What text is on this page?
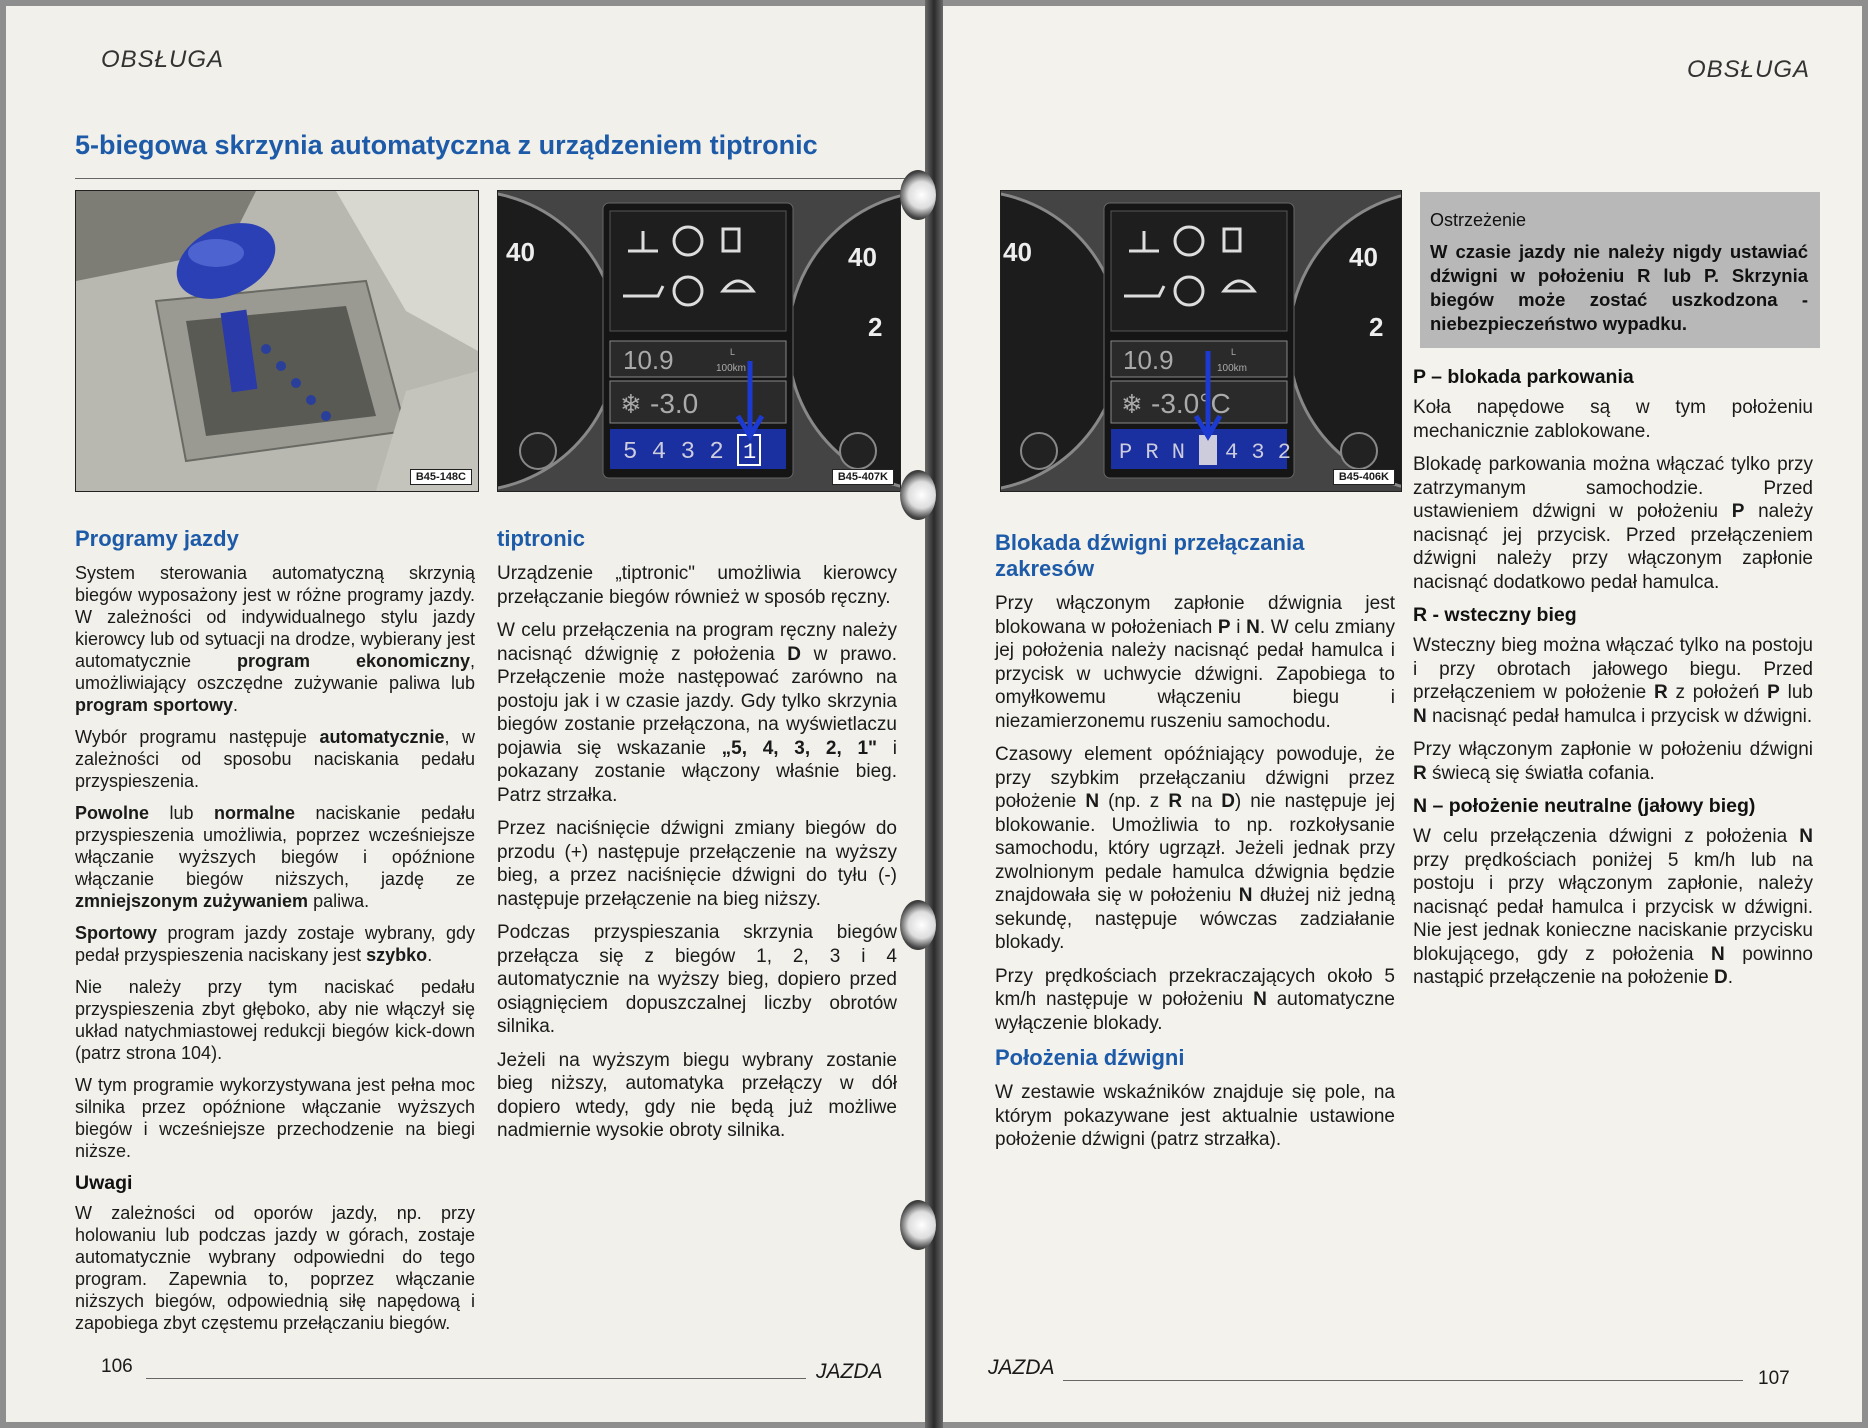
OBSŁUGA
5-biegowa skrzynia automatyczna z urządzeniem tiptronic
B45-148C
40	40
2
10.9	L
100km
❄ -3.0
5 4 3 2 1
B45-407K
Programy jazdy

System sterowania automatyczną skrzynią biegów wyposażony jest w różne programy jazdy. W zależności od indywidualnego stylu jazdy kierowcy lub od sytuacji na drodze, wybierany jest automatycznie program ekonomiczny, umożliwiający oszczędne zużywanie paliwa lub program sportowy.

Wybór programu następuje automatycznie, w zależności od sposobu naciskania pedału przyspieszenia.

Powolne lub normalne naciskanie pedału przyspieszenia umożliwia, poprzez wcześniejsze włączanie wyższych biegów i opóźnione włączanie biegów niższych, jazdę ze zmniejszonym zużywaniem paliwa.

Sportowy program jazdy zostaje wybrany, gdy pedał przyspieszenia naciskany jest szybko.

Nie należy przy tym naciskać pedału przyspieszenia zbyt głęboko, aby nie włączył się układ natychmiastowej redukcji biegów kick-down (patrz strona 104).

W tym programie wykorzystywana jest pełna moc silnika przez opóźnione włączanie wyższych biegów i wcześniejsze przechodzenie na biegi niższe.

Uwagi

W zależności od oporów jazdy, np. przy holowaniu lub podczas jazdy w górach, zostaje automatycznie wybrany odpowiedni do tego program. Zapewnia to, poprzez włączanie niższych biegów, odpowiednią siłę napędową i zapobiega zbyt częstemu przełączaniu biegów.

tiptronic

Urządzenie „tiptronic" umożliwia kierowcy przełączanie biegów również w sposób ręczny.

W celu przełączenia na program ręczny należy nacisnąć dźwignię z położenia D w prawo. Przełączenie może następować zarówno na postoju jak i w czasie jazdy. Gdy tylko skrzynia biegów zostanie przełączona, na wyświetlaczu pojawia się wskazanie „5, 4, 3, 2, 1" i pokazany zostanie włączony właśnie bieg. Patrz strzałka.

Przez naciśnięcie dźwigni zmiany biegów do przodu (+) następuje przełączenie na wyższy bieg, a przez naciśnięcie dźwigni do tyłu (-) następuje przełączenie na bieg niższy.

Podczas przyspieszania skrzynia biegów przełącza się z biegów 1, 2, 3 i 4 automatycznie na wyższy bieg, dopiero przed osiągnięciem dopuszczalnej liczby obrotów silnika.

Jeżeli na wyższym biegu wybrany zostanie bieg niższy, automatyka przełączy w dół dopiero wtedy, gdy nie będą już możliwe nadmiernie wysokie obroty silnika.

106	JAZDA
OBSŁUGA
40	40
2
10.9	L
100km
❄ -3.0°C
P R N 4 3 2
B45-406K
Blokada dźwigni przełączania zakresów

Przy włączonym zapłonie dźwignia jest blokowana w położeniach P i N. W celu zmiany jej położenia należy nacisnąć pedał hamulca i przycisk w uchwycie dźwigni. Zapobiega to omyłkowemu włączeniu biegu i niezamierzonemu ruszeniu samochodu.

Czasowy element opóźniający powoduje, że przy szybkim przełączaniu dźwigni przez położenie N (np. z R na D) nie następuje jej blokowanie. Umożliwia to np. rozkołysanie samochodu, który ugrzązł. Jeżeli jednak przy zwolnionym pedale hamulca dźwignia będzie znajdowała się w położeniu N dłużej niż jedną sekundę, następuje wówczas zadziałanie blokady.

Przy prędkościach przekraczających około 5 km/h następuje w położeniu N automatyczne wyłączenie blokady.

Położenia dźwigni

W zestawie wskaźników znajduje się pole, na którym pokazywane jest aktualnie ustawione położenie dźwigni (patrz strzałka).

JAZDA	107
Ostrzeżenie
W czasie jazdy nie należy nigdy ustawiać dźwigni w położeniu R lub P. Skrzynia biegów może zostać uszkodzona - niebezpieczeństwo wypadku.
P – blokada parkowania

Koła napędowe są w tym położeniu mechanicznie zablokowane.

Blokadę parkowania można włączać tylko przy zatrzymanym samochodzie. Przed ustawieniem dźwigni w położeniu P należy nacisnąć jej przycisk. Przed przełączeniem dźwigni należy przy włączonym zapłonie nacisnąć dodatkowo pedał hamulca.

R - wsteczny bieg

Wsteczny bieg można włączać tylko na postoju i przy obrotach jałowego biegu. Przed przełączeniem w położenie R z położeń P lub N nacisnąć pedał hamulca i przycisk w dźwigni.

Przy włączonym zapłonie w położeniu dźwigni R świecą się światła cofania.

N – położenie neutralne (jałowy bieg)

W celu przełączenia dźwigni z położenia N przy prędkościach poniżej 5 km/h lub na postoju i przy włączonym zapłonie, należy nacisnąć pedał hamulca i przycisk w dźwigni. Nie jest jednak konieczne naciskanie przycisku blokującego, gdy z położenia N powinno nastąpić przełączenie na położenie D.
